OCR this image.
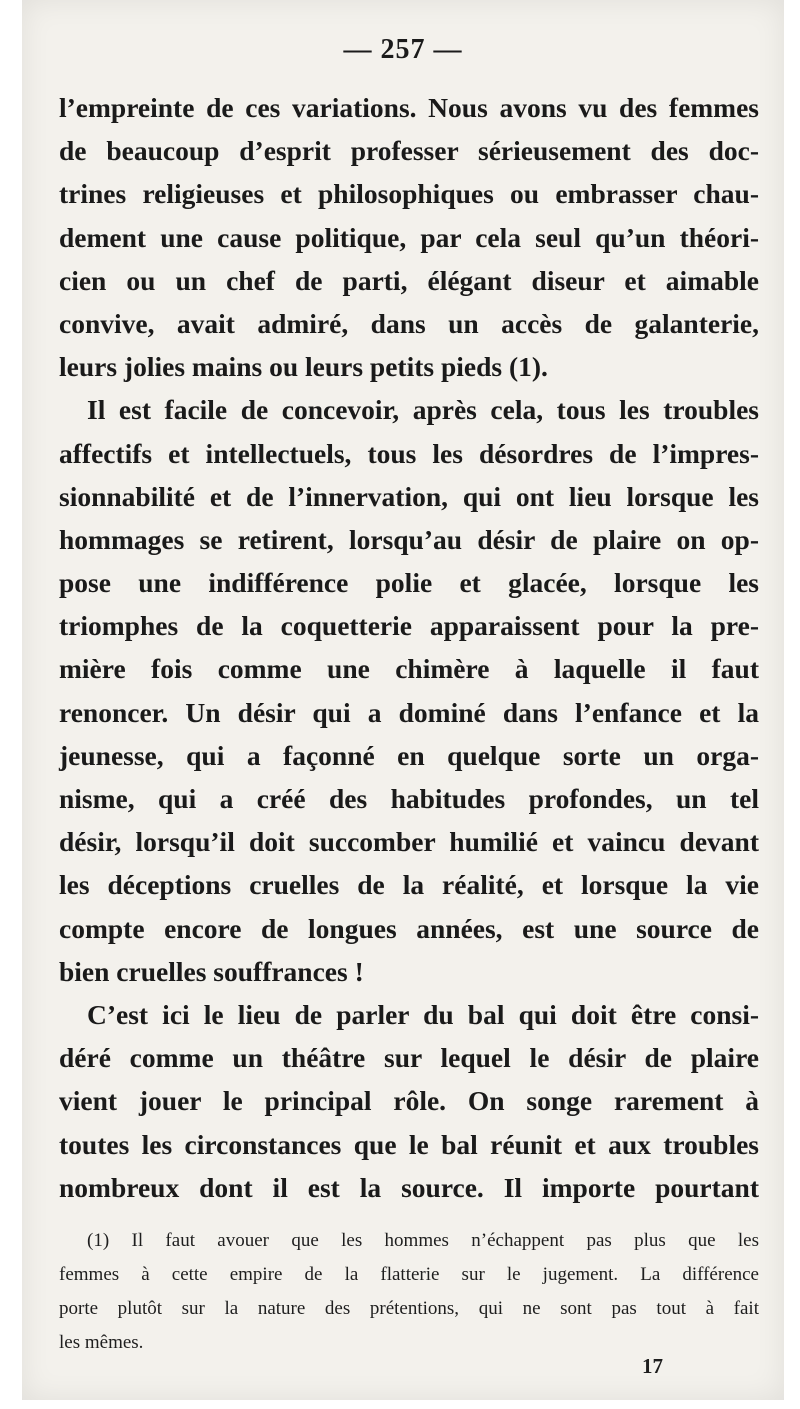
— 257 —
l’empreinte de ces variations. Nous avons vu des femmes
de beaucoup d’esprit professer sérieusement des doc-
trines religieuses et philosophiques ou embrasser chau-
dement une cause politique, par cela seul qu’un théori-
cien ou un chef de parti, élégant diseur et aimable
convive, avait admiré, dans un accès de galanterie,
leurs jolies mains ou leurs petits pieds (1).
Il est facile de concevoir, après cela, tous les troubles
affectifs et intellectuels, tous les désordres de l’impres-
sionnabilité et de l’innervation, qui ont lieu lorsque les
hommages se retirent, lorsqu’au désir de plaire on op-
pose une indifférence polie et glacée, lorsque les
triomphes de la coquetterie apparaissent pour la pre-
mière fois comme une chimère à laquelle il faut
renoncer. Un désir qui a dominé dans l’enfance et la
jeunesse, qui a façonné en quelque sorte un orga-
nisme, qui a créé des habitudes profondes, un tel
désir, lorsqu’il doit succomber humilié et vaincu devant
les déceptions cruelles de la réalité, et lorsque la vie
compte encore de longues années, est une source de
bien cruelles souffrances !
C’est ici le lieu de parler du bal qui doit être consi-
déré comme un théâtre sur lequel le désir de plaire
vient jouer le principal rôle. On songe rarement à
toutes les circonstances que le bal réunit et aux troubles
nombreux dont il est la source. Il importe pourtant
(1) Il faut avouer que les hommes n’échappent pas plus que les
femmes à cette empire de la flatterie sur le jugement. La différence
porte plutôt sur la nature des prétentions, qui ne sont pas tout à fait
les mêmes.
17
